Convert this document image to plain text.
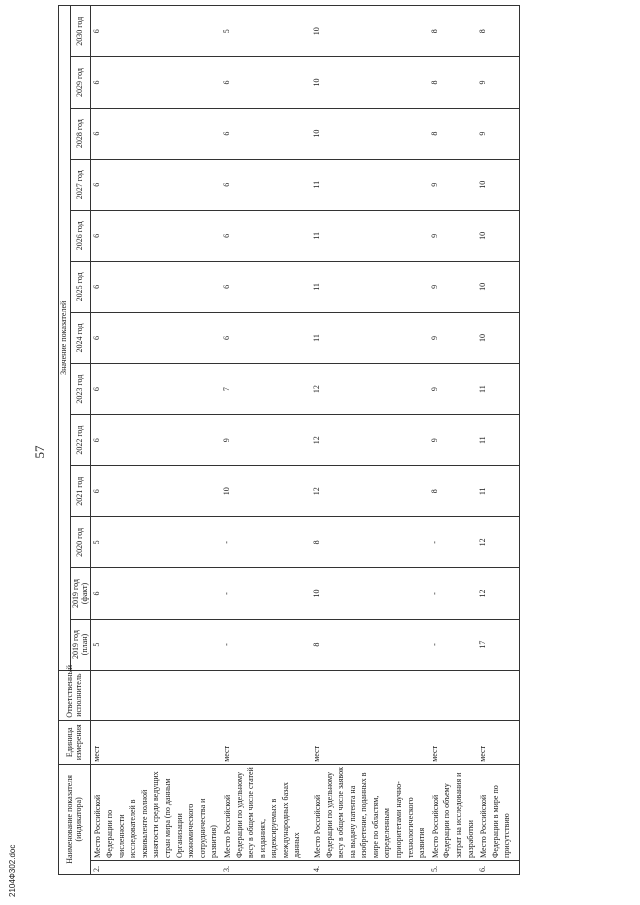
57
2104Ф302.doc
Наименование показателя (индикатора)		Единица измерения	Ответственный исполнитель	Значение показателей												
				2019 год (план)	2019 год (факт)	2020 год	2021 год	2022 год	2023 год	2024 год	2025 год	2026 год	2027 год	2028 год	2029 год	2030 год
2.	Место Российской Федерации по численности исследователей в эквиваленте полной занятости среди ведущих стран мира (по данным Организации экономического сотрудничества и развития)	мест		5	6	5	6	6	6	6	6	6	6	6	6	6
3.	Место Российской Федерации по удельному весу в общем числе статей в изданиях, индексируемых в международных базах данных	мест		-	-	-	10	9	7	6	6	6	6	6	6	5
4.	Место Российской Федерации по удельному весу в общем числе заявок на выдачу патента на изобретение, поданных в мире по областям, определенным приоритетами научно-технологического развития	мест		8	10	8	12	12	12	11	11	11	11	10	10	10
5.	Место Российской Федерации по объему затрат на исследования и разработки	мест		-	-	-	8	9	9	9	9	9	9	8	8	8
6.	Место Российской Федерации в мире по присутствию	мест		17	12	12	11	11	11	10	10	10	10	9	9	8
